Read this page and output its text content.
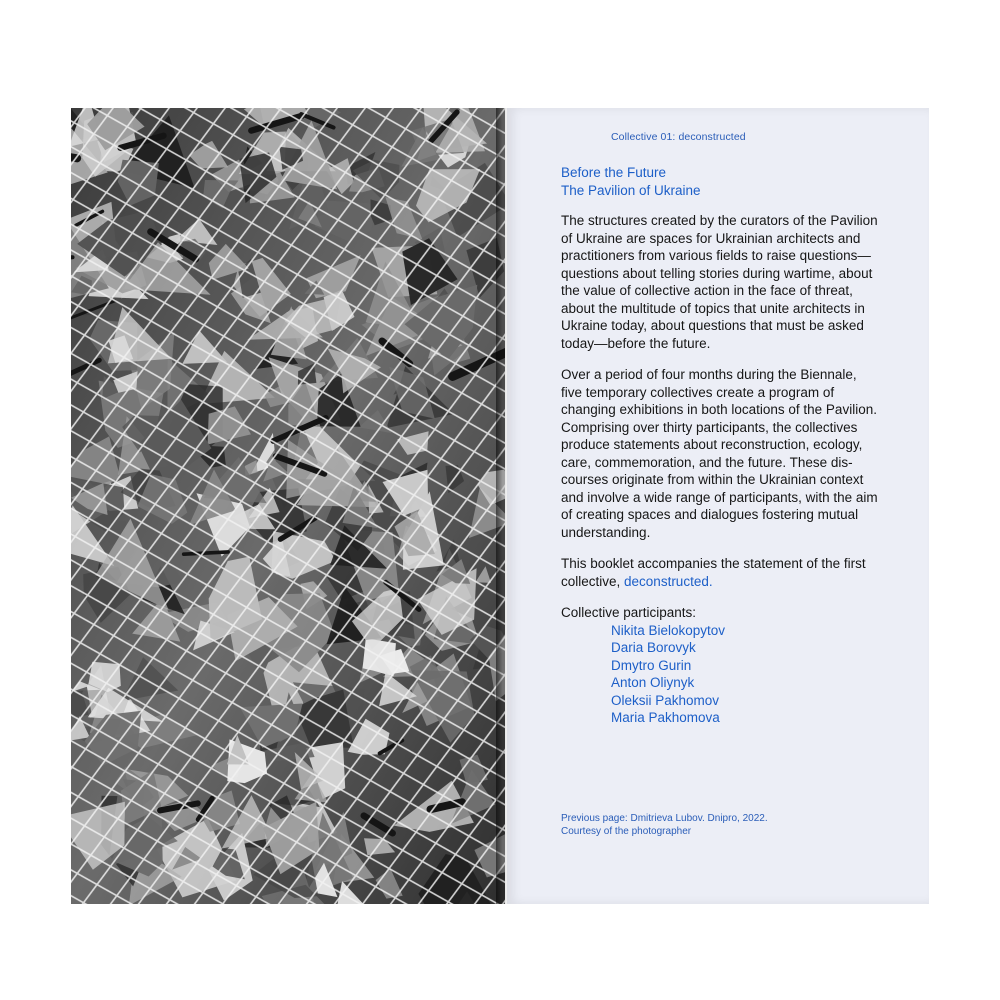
Collective 01: deconstructed
Before the Future
The Pavilion of Ukraine

The structures created by the curators of the Pavilion
of Ukraine are spaces for Ukrainian architects and
practitioners from various fields to raise questions—
questions about telling stories during wartime, about
the value of collective action in the face of threat,
about the multitude of topics that unite architects in
Ukraine today, about questions that must be asked
today—before the future.

Over a period of four months during the Biennale,
five temporary collectives create a program of
changing exhibitions in both locations of the Pavilion.
Comprising over thirty participants, the collectives
produce statements about reconstruction, ecology,
care, commemoration, and the future. These dis-
courses originate from within the Ukrainian context
and involve a wide range of participants, with the aim
of creating spaces and dialogues fostering mutual
understanding.

This booklet accompanies the statement of the first
collective, deconstructed.

Collective participants:
Nikita Bielokopytov
Daria Borovyk
Dmytro Gurin
Anton Oliynyk
Oleksii Pakhomov
Maria Pakhomova
Previous page: Dmitrieva Lubov. Dnipro, 2022.
Courtesy of the photographer
